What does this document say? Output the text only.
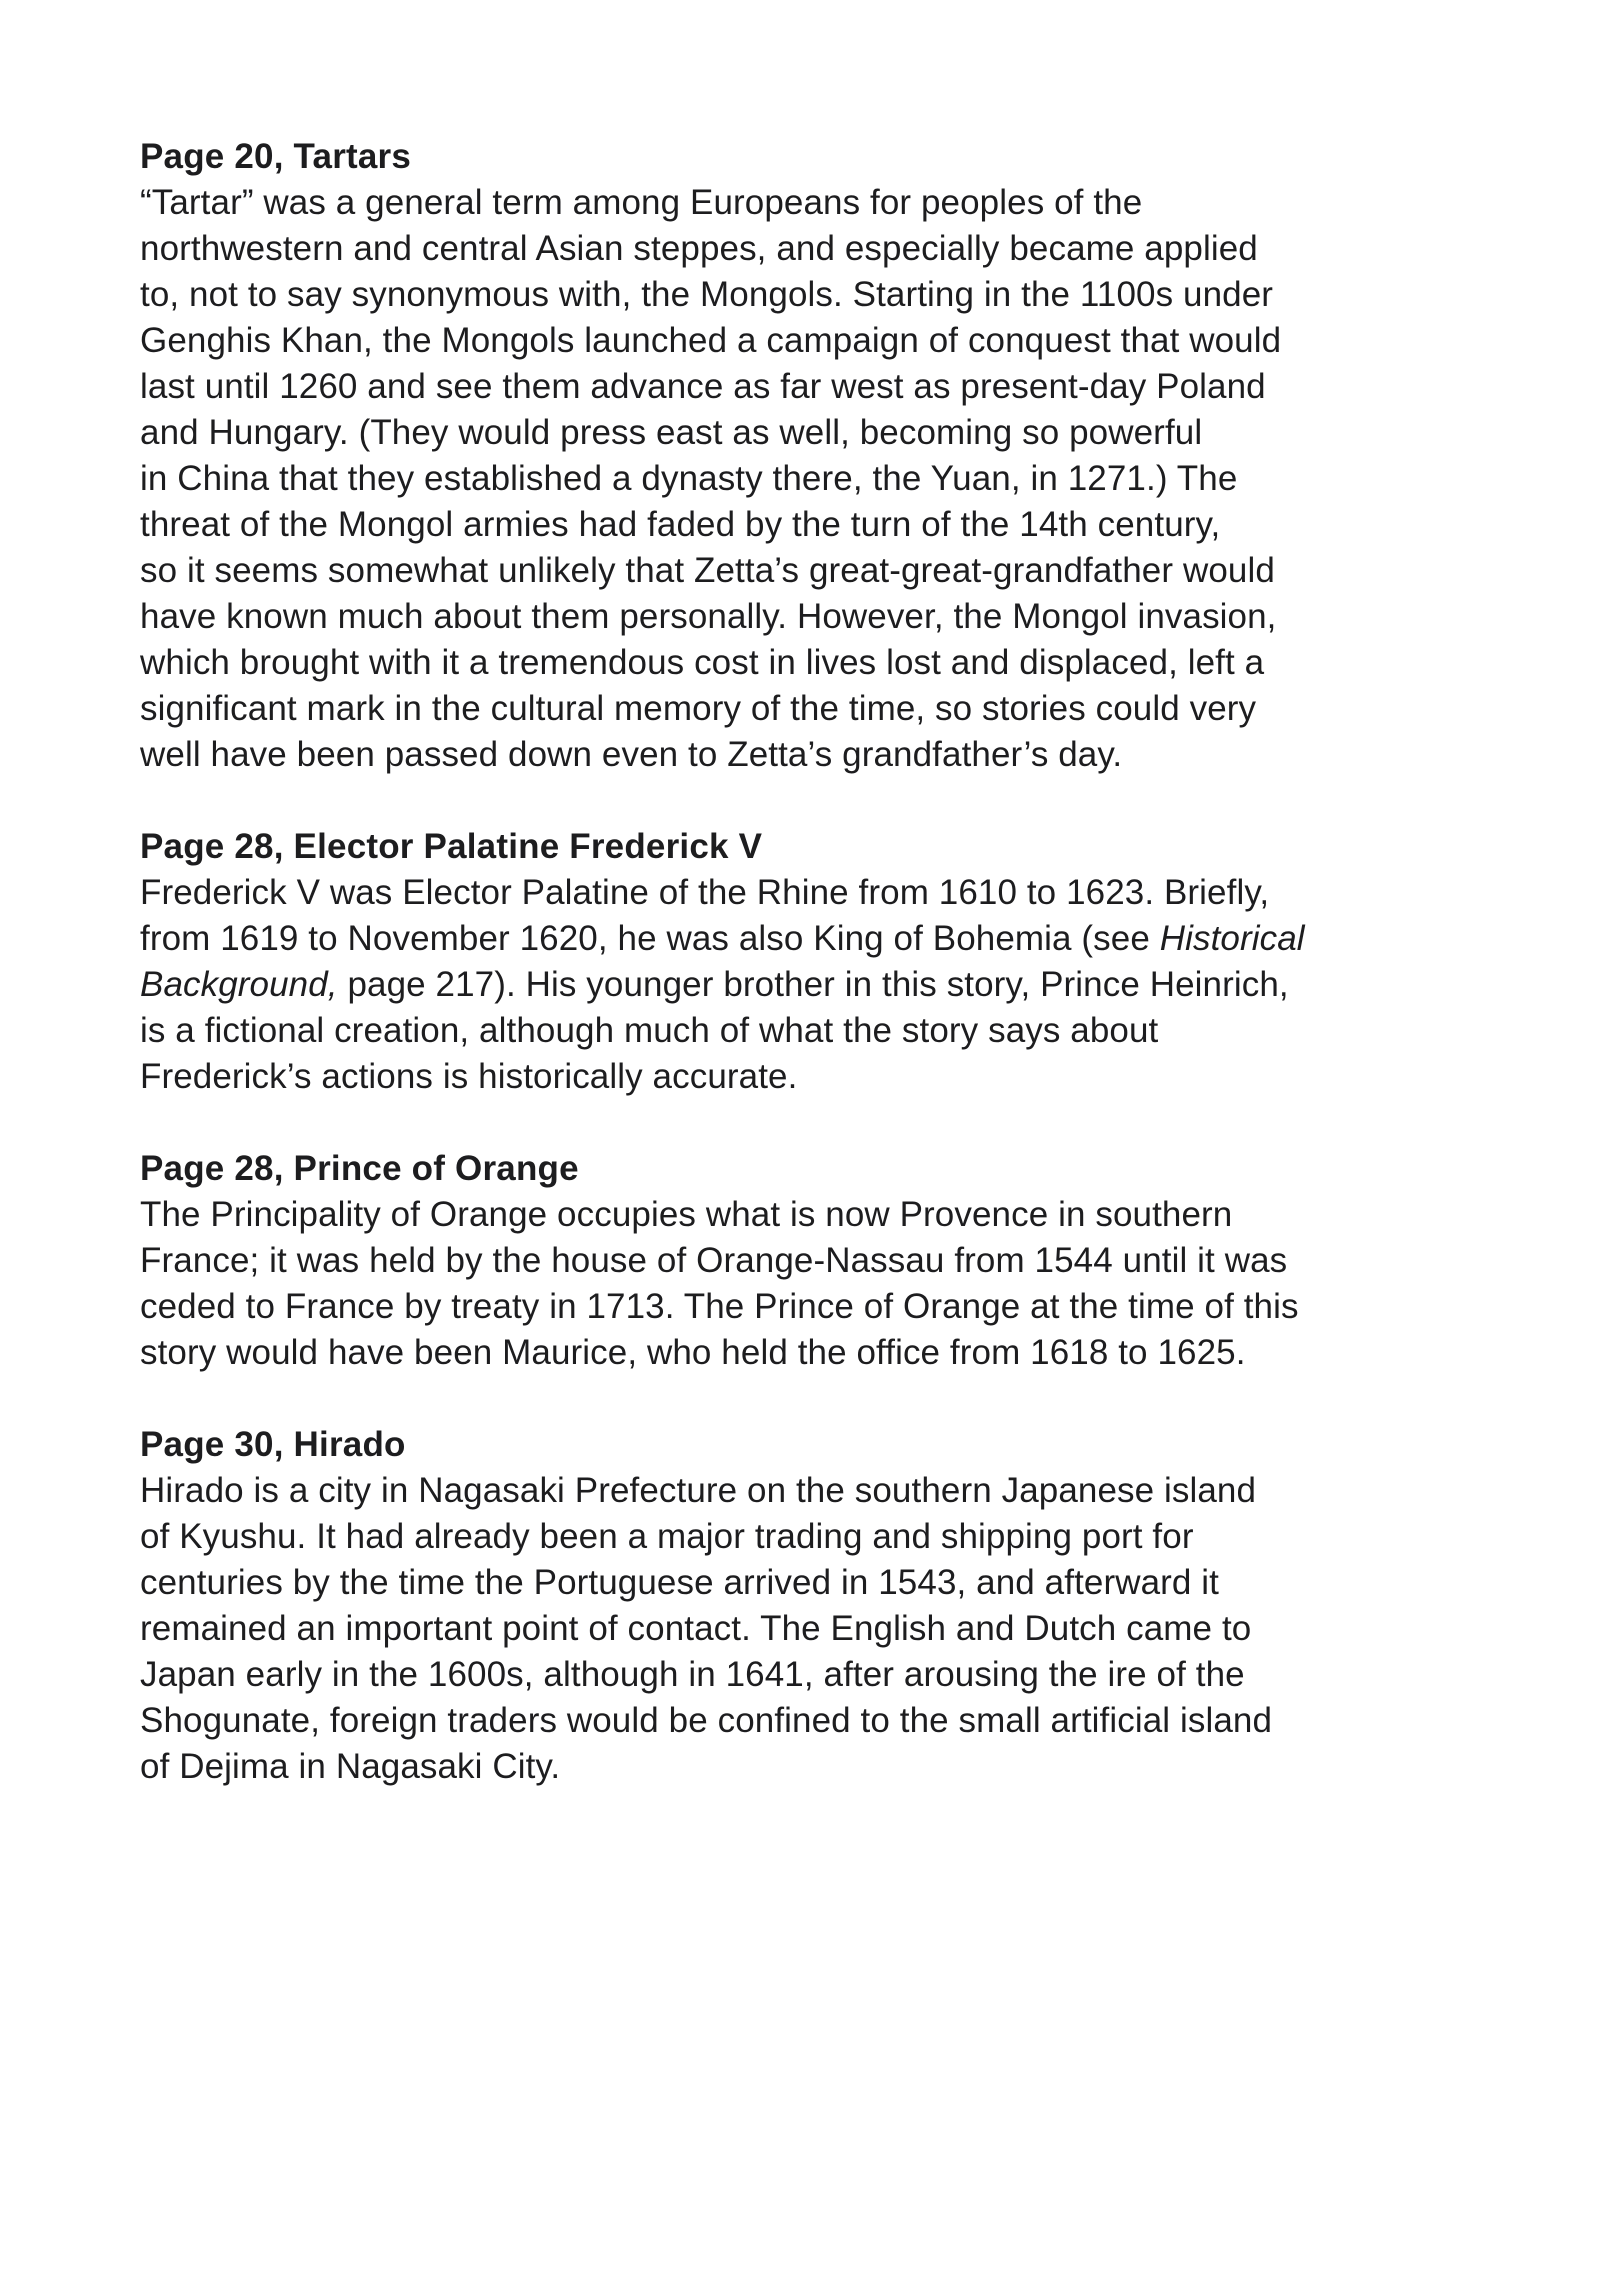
Page 20, Tartars
“Tartar” was a general term among Europeans for peoples of the
northwestern and central Asian steppes, and especially became applied
to, not to say synonymous with, the Mongols. Starting in the 1100s under
Genghis Khan, the Mongols launched a campaign of conquest that would
last until 1260 and see them advance as far west as present-day Poland
and Hungary. (They would press east as well, becoming so powerful
in China that they established a dynasty there, the Yuan, in 1271.) The
threat of the Mongol armies had faded by the turn of the 14th century,
so it seems somewhat unlikely that Zetta’s great-great-grandfather would
have known much about them personally. However, the Mongol invasion,
which brought with it a tremendous cost in lives lost and displaced, left a
significant mark in the cultural memory of the time, so stories could very
well have been passed down even to Zetta’s grandfather’s day.
Page 28, Elector Palatine Frederick V
Frederick V was Elector Palatine of the Rhine from 1610 to 1623. Briefly,
from 1619 to November 1620, he was also King of Bohemia (see Historical
Background, page 217). His younger brother in this story, Prince Heinrich,
is a fictional creation, although much of what the story says about
Frederick’s actions is historically accurate.
Page 28, Prince of Orange
The Principality of Orange occupies what is now Provence in southern
France; it was held by the house of Orange-Nassau from 1544 until it was
ceded to France by treaty in 1713. The Prince of Orange at the time of this
story would have been Maurice, who held the office from 1618 to 1625.
Page 30, Hirado
Hirado is a city in Nagasaki Prefecture on the southern Japanese island
of Kyushu. It had already been a major trading and shipping port for
centuries by the time the Portuguese arrived in 1543, and afterward it
remained an important point of contact. The English and Dutch came to
Japan early in the 1600s, although in 1641, after arousing the ire of the
Shogunate, foreign traders would be confined to the small artificial island
of Dejima in Nagasaki City.
